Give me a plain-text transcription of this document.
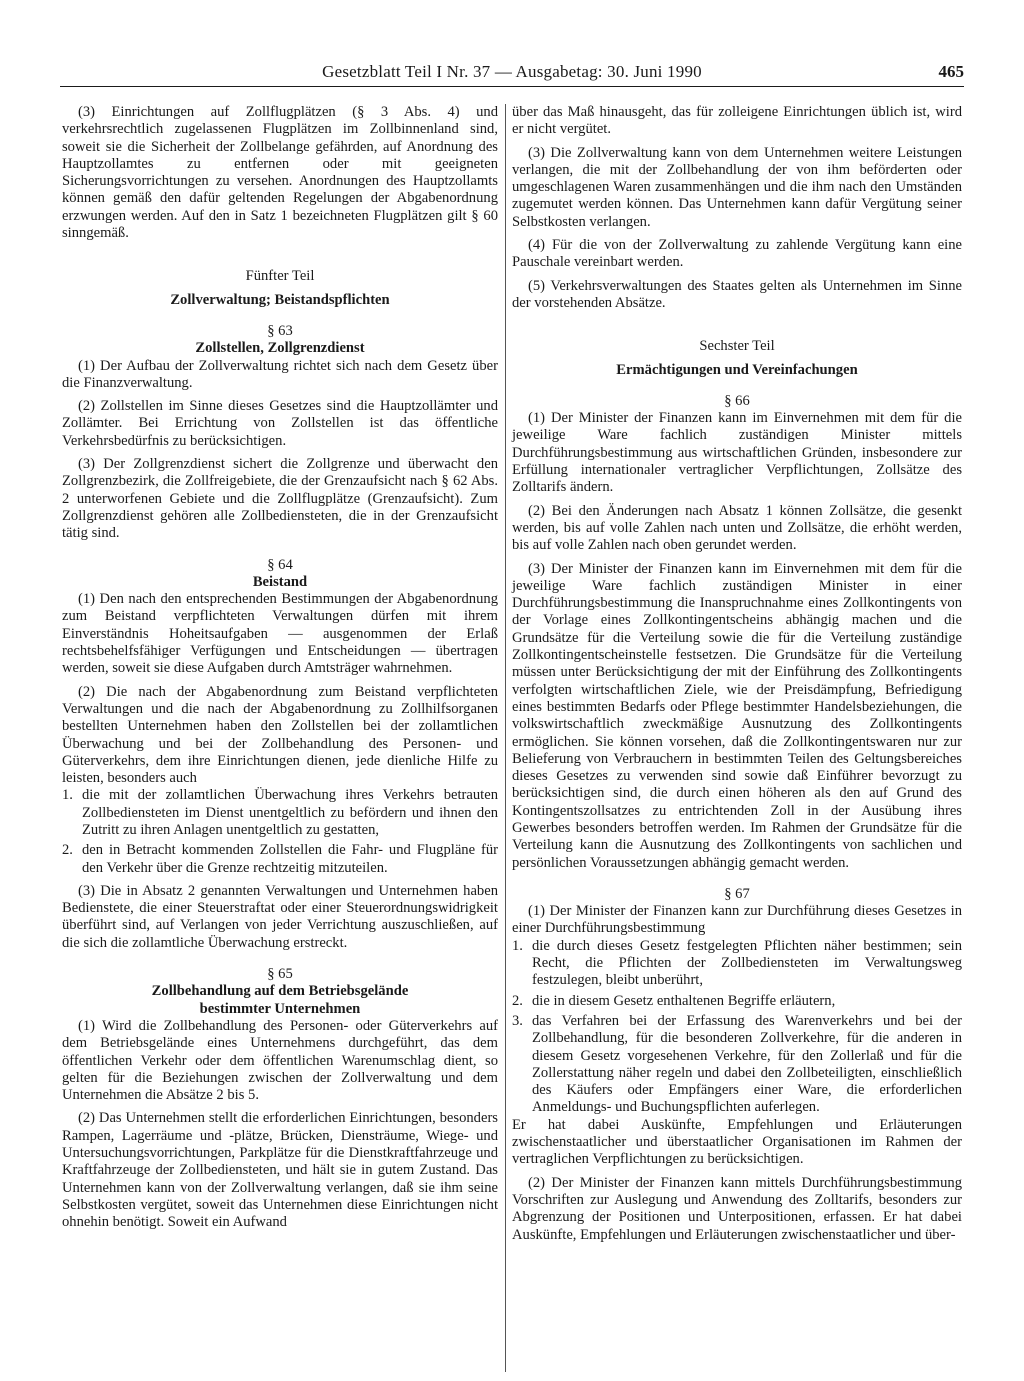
Gesetzblatt Teil I Nr. 37 — Ausgabetag: 30. Juni 1990	465

(3) Einrichtungen auf Zollflugplätzen (§ 3 Abs. 4) und verkehrsrechtlich zugelassenen Flugplätzen im Zollbinnenland sind, soweit sie die Sicherheit der Zollbelange gefährden, auf Anordnung des Hauptzollamtes zu entfernen oder mit geeigneten Sicherungsvorrichtungen zu versehen. Anordnungen des Hauptzollamts können gemäß den dafür geltenden Regelungen der Abgabenordnung erzwungen werden. Auf den in Satz 1 bezeichneten Flugplätzen gilt § 60 sinngemäß.

Fünfter Teil

Zollverwaltung; Beistandspflichten

§ 63

Zollstellen, Zollgrenzdienst

(1) Der Aufbau der Zollverwaltung richtet sich nach dem Gesetz über die Finanzverwaltung.

(2) Zollstellen im Sinne dieses Gesetzes sind die Hauptzollämter und Zollämter. Bei Errichtung von Zollstellen ist das öffentliche Verkehrsbedürfnis zu berücksichtigen.

(3) Der Zollgrenzdienst sichert die Zollgrenze und überwacht den Zollgrenzbezirk, die Zollfreigebiete, die der Grenzaufsicht nach § 62 Abs. 2 unterworfenen Gebiete und die Zollflugplätze (Grenzaufsicht). Zum Zollgrenzdienst gehören alle Zollbediensteten, die in der Grenzaufsicht tätig sind.

§ 64

Beistand

(1) Den nach den entsprechenden Bestimmungen der Abgabenordnung zum Beistand verpflichteten Verwaltungen dürfen mit ihrem Einverständnis Hoheitsaufgaben — ausgenommen der Erlaß rechtsbehelfsfähiger Verfügungen und Entscheidungen — übertragen werden, soweit sie diese Aufgaben durch Amtsträger wahrnehmen.

(2) Die nach der Abgabenordnung zum Beistand verpflichteten Verwaltungen und die nach der Abgabenordnung zu Zollhilfsorganen bestellten Unternehmen haben den Zollstellen bei der zollamtlichen Überwachung und bei der Zollbehandlung des Personen- und Güterverkehrs, dem ihre Einrichtungen dienen, jede dienliche Hilfe zu leisten, besonders auch

1. die mit der zollamtlichen Überwachung ihres Verkehrs betrauten Zollbediensteten im Dienst unentgeltlich zu befördern und ihnen den Zutritt zu ihren Anlagen unentgeltlich zu gestatten,
2. den in Betracht kommenden Zollstellen die Fahr- und Flugpläne für den Verkehr über die Grenze rechtzeitig mitzuteilen.

(3) Die in Absatz 2 genannten Verwaltungen und Unternehmen haben Bedienstete, die einer Steuerstraftat oder einer Steuerordnungswidrigkeit überführt sind, auf Verlangen von jeder Verrichtung auszuschließen, auf die sich die zollamtliche Überwachung erstreckt.

§ 65

Zollbehandlung auf dem Betriebsgelände

bestimmter Unternehmen

(1) Wird die Zollbehandlung des Personen- oder Güterverkehrs auf dem Betriebsgelände eines Unternehmens durchgeführt, das dem öffentlichen Verkehr oder dem öffentlichen Warenumschlag dient, so gelten für die Beziehungen zwischen der Zollverwaltung und dem Unternehmen die Absätze 2 bis 5.

(2) Das Unternehmen stellt die erforderlichen Einrichtungen, besonders Rampen, Lagerräume und -plätze, Brücken, Diensträume, Wiege- und Untersuchungsvorrichtungen, Parkplätze für die Dienstkraftfahrzeuge und Kraftfahrzeuge der Zollbediensteten, und hält sie in gutem Zustand. Das Unternehmen kann von der Zollverwaltung verlangen, daß sie ihm seine Selbstkosten vergütet, soweit das Unternehmen diese Einrichtungen nicht ohnehin benötigt. Soweit ein Aufwand

über das Maß hinausgeht, das für zolleigene Einrichtungen üblich ist, wird er nicht vergütet.

(3) Die Zollverwaltung kann von dem Unternehmen weitere Leistungen verlangen, die mit der Zollbehandlung der von ihm beförderten oder umgeschlagenen Waren zusammenhängen und die ihm nach den Umständen zugemutet werden können. Das Unternehmen kann dafür Vergütung seiner Selbstkosten verlangen.

(4) Für die von der Zollverwaltung zu zahlende Vergütung kann eine Pauschale vereinbart werden.

(5) Verkehrsverwaltungen des Staates gelten als Unternehmen im Sinne der vorstehenden Absätze.

Sechster Teil

Ermächtigungen und Vereinfachungen

§ 66

(1) Der Minister der Finanzen kann im Einvernehmen mit dem für die jeweilige Ware fachlich zuständigen Minister mittels Durchführungsbestimmung aus wirtschaftlichen Gründen, insbesondere zur Erfüllung internationaler vertraglicher Verpflichtungen, Zollsätze des Zolltarifs ändern.

(2) Bei den Änderungen nach Absatz 1 können Zollsätze, die gesenkt werden, bis auf volle Zahlen nach unten und Zollsätze, die erhöht werden, bis auf volle Zahlen nach oben gerundet werden.

(3) Der Minister der Finanzen kann im Einvernehmen mit dem für die jeweilige Ware fachlich zuständigen Minister in einer Durchführungsbestimmung die Inanspruchnahme eines Zollkontingents von der Vorlage eines Zollkontingentscheins abhängig machen und die Grundsätze für die Verteilung sowie die für die Verteilung zuständige Zollkontingentscheinstelle festsetzen. Die Grundsätze für die Verteilung müssen unter Berücksichtigung der mit der Einführung des Zollkontingents verfolgten wirtschaftlichen Ziele, wie der Preisdämpfung, Befriedigung eines bestimmten Bedarfs oder Pflege bestimmter Handelsbeziehungen, die volkswirtschaftlich zweckmäßige Ausnutzung des Zollkontingents ermöglichen. Sie können vorsehen, daß die Zollkontingentswaren nur zur Belieferung von Verbrauchern in bestimmten Teilen des Geltungsbereiches dieses Gesetzes zu verwenden sind sowie daß Einführer bevorzugt zu berücksichtigen sind, die durch einen höheren als den auf Grund des Kontingentszollsatzes zu entrichtenden Zoll in der Ausübung ihres Gewerbes besonders betroffen werden. Im Rahmen der Grundsätze für die Verteilung kann die Ausnutzung des Zollkontingents von sachlichen und persönlichen Voraussetzungen abhängig gemacht werden.

§ 67

(1) Der Minister der Finanzen kann zur Durchführung dieses Gesetzes in einer Durchführungsbestimmung

1. die durch dieses Gesetz festgelegten Pflichten näher bestimmen; sein Recht, die Pflichten der Zollbediensteten im Verwaltungsweg festzulegen, bleibt unberührt,
2. die in diesem Gesetz enthaltenen Begriffe erläutern,
3. das Verfahren bei der Erfassung des Warenverkehrs und bei der Zollbehandlung, für die besonderen Zollverkehre, für die anderen in diesem Gesetz vorgesehenen Verkehre, für den Zollerlaß und für die Zollerstattung näher regeln und dabei den Zollbeteiligten, einschließlich des Käufers oder Empfängers einer Ware, die erforderlichen Anmeldungs- und Buchungspflichten auferlegen.

Er hat dabei Auskünfte, Empfehlungen und Erläuterungen zwischenstaatlicher und überstaatlicher Organisationen im Rahmen der vertraglichen Verpflichtungen zu berücksichtigen.

(2) Der Minister der Finanzen kann mittels Durchführungsbestimmung Vorschriften zur Auslegung und Anwendung des Zolltarifs, besonders zur Abgrenzung der Positionen und Unterpositionen, erfassen. Er hat dabei Auskünfte, Empfehlungen und Erläuterungen zwischenstaatlicher und über-
